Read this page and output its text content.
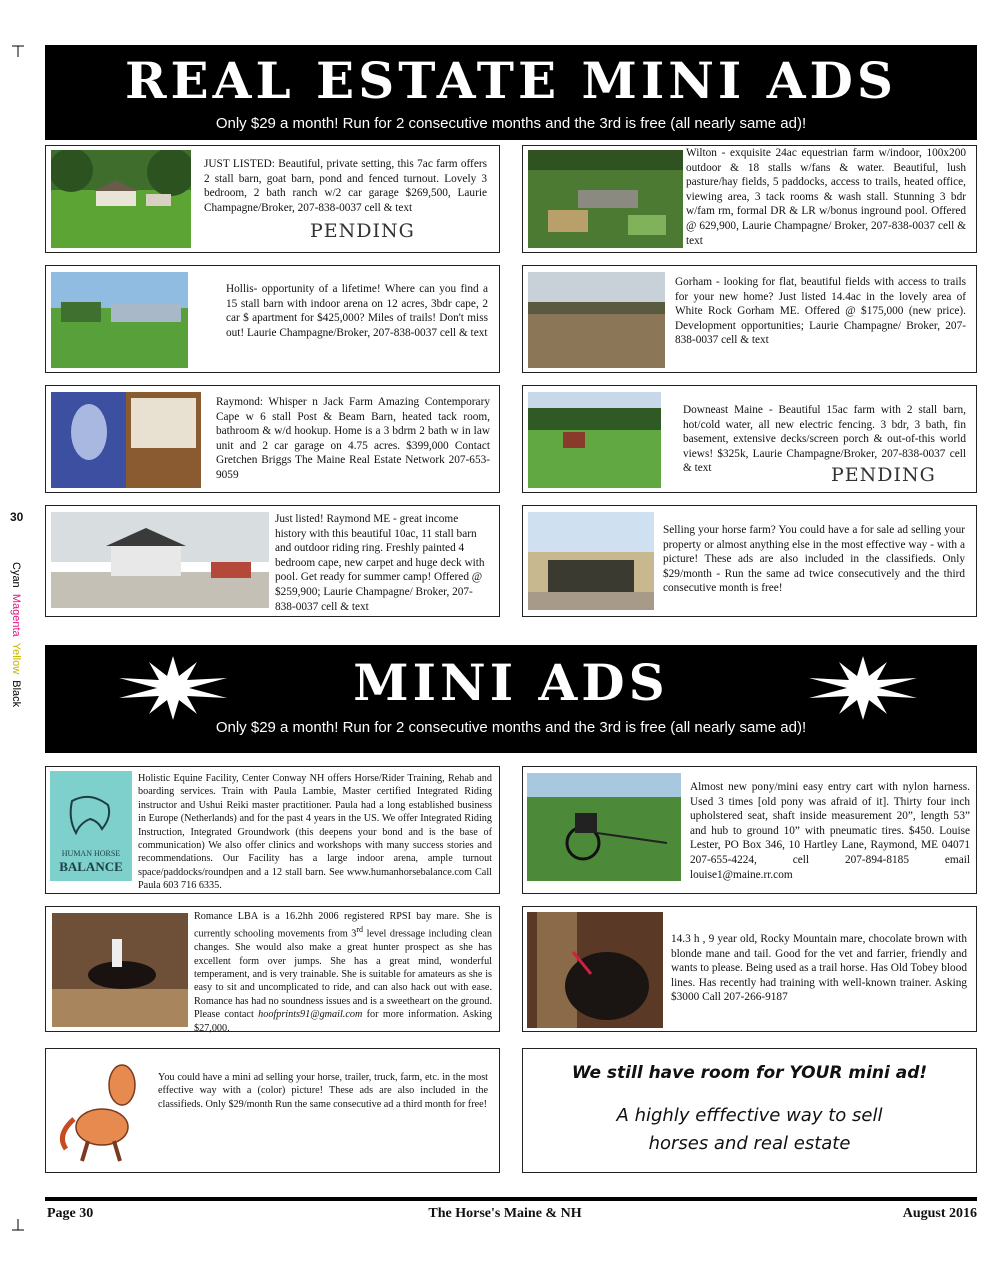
30
Cyan  Magenta  Yellow  Black
REAL ESTATE MINI ADS
Only $29 a month! Run for 2 consecutive months and the 3rd is free (all nearly same ad)!
JUST LISTED: Beautiful, private setting, this 7ac farm offers 2 stall barn, goat barn, pond and fenced turnout. Lovely 3 bedroom, 2 bath ranch w/2 car garage $269,500, Laurie Champagne/Broker, 207-838-0037 cell & text
PENDING
Wilton - exquisite 24ac equestrian farm w/indoor, 100x200 outdoor & 18 stalls w/fans & water. Beautiful, lush pasture/hay fields, 5 paddocks, access to trails, heated office, viewing area, 3 tack rooms & wash stall. Stunning 3 bdr w/fam rm, formal DR & LR w/bonus inground pool. Offered @ 629,900, Laurie Champagne/ Broker, 207-838-0037 cell & text
Hollis- opportunity of a lifetime! Where can you find a 15 stall barn with indoor arena on 12 acres, 3bdr cape, 2 car $ apartment for $425,000? Miles of trails! Don't miss out! Laurie Champagne/Broker, 207-838-0037 cell & text
Gorham - looking for flat, beautiful fields with access to trails for your new home? Just listed 14.4ac in the lovely area of White Rock Gorham ME. Offered @ $175,000 (new price). Development opportunities; Laurie Champagne/ Broker, 207-838-0037 cell & text
Raymond: Whisper n Jack Farm Amazing Contemporary Cape w 6 stall Post & Beam Barn, heated tack room, bathroom & w/d hookup. Home is a 3 bdrm 2 bath w in law unit and 2 car garage on 4.75 acres. $399,000 Contact Gretchen Briggs The Maine Real Estate Network 207-653-9059
Downeast Maine - Beautiful 15ac farm with 2 stall barn, hot/cold water, all new electric fencing. 3 bdr, 3 bath, fin basement, extensive decks/screen porch & out-of-this world views! $325k, Laurie Champagne/Broker, 207-838-0037 cell & text	PENDING
Just listed! Raymond ME - great income history with this beautiful 10ac, 11 stall barn and outdoor riding ring. Freshly painted 4 bedroom cape, new carpet and huge deck with pool. Get ready for summer camp! Offered @ $259,900; Laurie Champagne/ Broker, 207-838-0037 cell & text
Selling your horse farm? You could have a for sale ad selling your property or almost anything else in the most effective way - with a picture! These ads are also included in the classifieds. Only $29/month - Run the same ad twice consecutively and the third consecutive month is free!
MINI ADS
Only $29 a month! Run for 2 consecutive months and the 3rd is free (all nearly same ad)!
HUMAN HORSE
BALANCE
Holistic Equine Facility, Center Conway NH offers Horse/Rider Training, Rehab and boarding services. Train with Paula Lambie, Master certified Integrated Riding instructor and Ushui Reiki master practitioner. Paula had a long established business in Europe (Netherlands) and for the past 4 years in the US. We offer Integrated Riding Instruction, Integrated Groundwork (this deepens your bond and is the base of communication) We also offer clinics and workshops with many success stories and recommendations. Our Facility has a large indoor arena, ample turnout space/paddocks/roundpen and a 12 stall barn. See www.humanhorsebalance.com Call Paula 603 716 6335.
Almost new pony/mini easy entry cart with nylon harness. Used 3 times [old pony was afraid of it]. Thirty four inch upholstered seat, shaft inside measurement 20”, length 53” and hub to ground 10” with pneumatic tires. $450. Louise Lester, PO Box 346, 10 Hartley Lane, Raymond, ME 04071 207-655-4224, cell 207-894-8185 email louise1@maine.rr.com
Romance LBA is a 16.2hh 2006 registered RPSI bay mare. She is currently schooling movements from 3rd level dressage including clean changes. She would also make a great hunter prospect as she has excellent form over jumps. She has a great mind, wonderful temperament, and is very trainable. She is suitable for amateurs as she is easy to sit and uncomplicated to ride, and can also hack out with ease. Romance has had no soundness issues and is a sweetheart on the ground. Please contact hoofprints91@gmail.com for more information. Asking $27,000.
14.3 h , 9 year old, Rocky Mountain mare, chocolate brown with blonde mane and tail. Good for the vet and farrier, friendly and wants to please. Being used as a trail horse. Has Old Tobey blood lines. Has recently had training with well-known trainer. Asking $3000 Call 207-266-9187
You could have a mini ad selling your horse, trailer, truck, farm, etc. in the most effective way with a (color) picture! These ads are also included in the classifieds. Only $29/month Run the same consecutive ad a third month for free!
We still have room for YOUR mini ad!
A highly efffective way to sell
horses and real estate
Page 30	The Horse's Maine & NH	August 2016
